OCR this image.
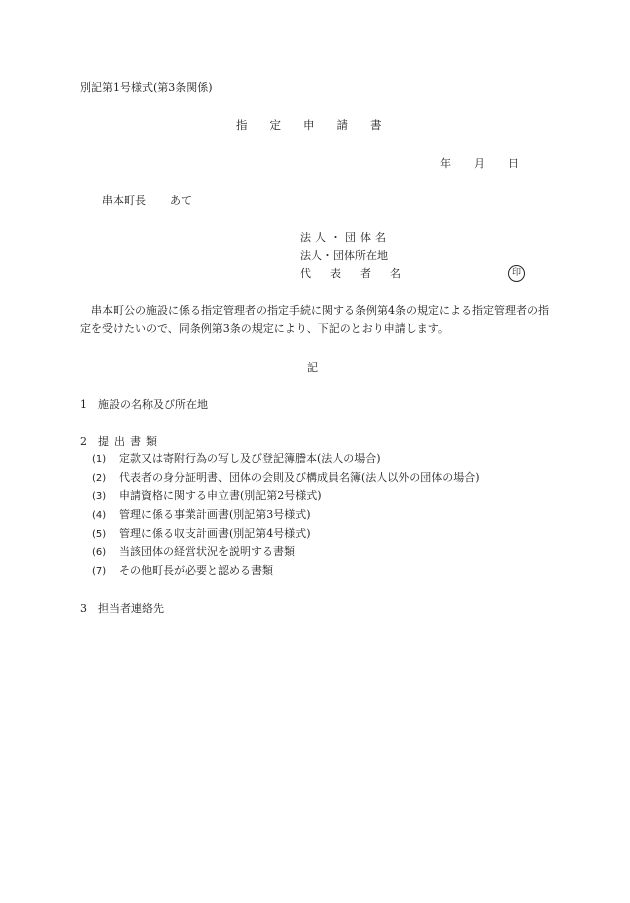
別記第1号様式(第3条関係)
指 定 申 請 書
年 月 日
串本町長 あて
法人・団体名
法人・団体所在地
代 表 者 名	印
串本町公の施設に係る指定管理者の指定手続に関する条例第4条の規定による指定管理者の指定を受けたいので、同条例第3条の規定により、下記のとおり申請します。
記
1 施設の名称及び所在地
2 提出書類
(1) 定款又は寄附行為の写し及び登記簿謄本(法人の場合)
(2) 代表者の身分証明書、団体の会則及び構成員名簿(法人以外の団体の場合)
(3) 申請資格に関する申立書(別記第2号様式)
(4) 管理に係る事業計画書(別記第3号様式)
(5) 管理に係る収支計画書(別記第4号様式)
(6) 当該団体の経営状況を説明する書類
(7) その他町長が必要と認める書類
3 担当者連絡先
